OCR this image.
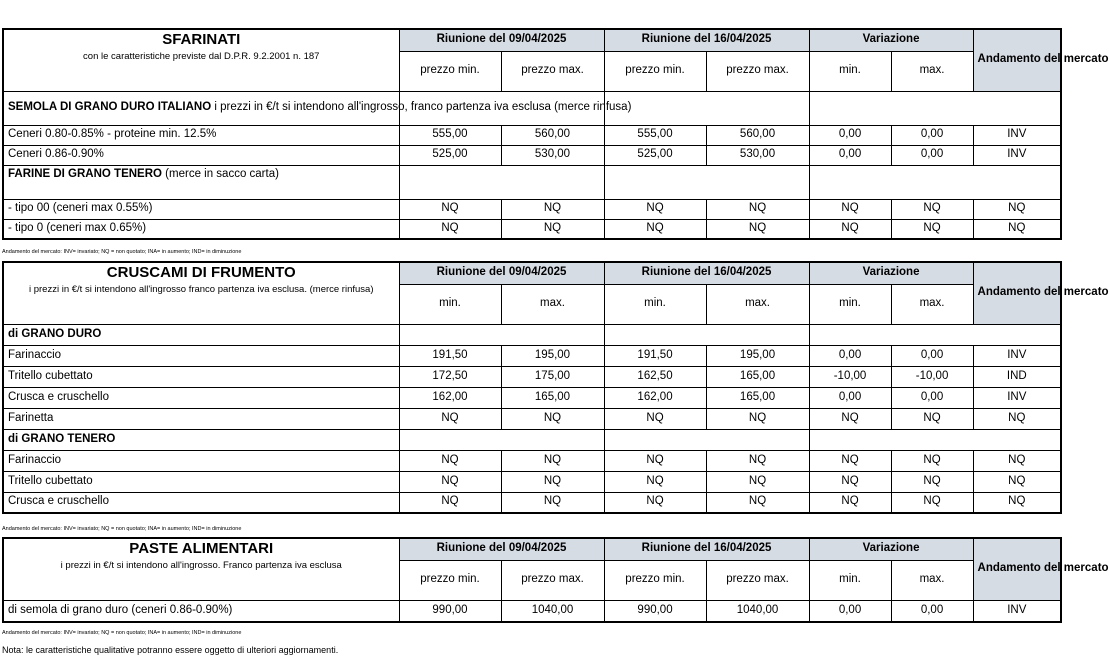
SFARINATI
con le caratteristiche previste dal D.P.R. 9.2.2001 n. 187	Riunione del 09/04/2025		Riunione del 16/04/2025		Variazione		Andamento del mercato
	prezzo min.	prezzo max.	prezzo min.	prezzo max.	min.	max.	
SEMOLA DI GRANO DURO ITALIANO i prezzi in €/t si intendono all'ingrosso, franco partenza iva esclusa (merce rinfusa)							
Ceneri 0.80-0.85% - proteine min. 12.5%	555,00	560,00	555,00	560,00	0,00	0,00	INV
Ceneri 0.86-0.90%	525,00	530,00	525,00	530,00	0,00	0,00	INV
FARINE DI GRANO TENERO (merce in sacco carta)							
- tipo 00 (ceneri max 0.55%)	NQ	NQ	NQ	NQ	NQ	NQ	NQ
- tipo 0 (ceneri max 0.65%)	NQ	NQ	NQ	NQ	NQ	NQ	NQ
Andamento del mercato: INV= invariato; NQ = non quotato; INA= in aumento; IND= in diminuzione
CRUSCAMI DI FRUMENTO
i prezzi in €/t si intendono all'ingrosso franco partenza iva esclusa. (merce rinfusa)	Riunione del 09/04/2025		Riunione del 16/04/2025		Variazione		Andamento del mercato
	min.	max.	min.	max.	min.	max.	
di GRANO DURO							
Farinaccio	191,50	195,00	191,50	195,00	0,00	0,00	INV
Tritello cubettato	172,50	175,00	162,50	165,00	-10,00	-10,00	IND
Crusca e cruschello	162,00	165,00	162,00	165,00	0,00	0,00	INV
Farinetta	NQ	NQ	NQ	NQ	NQ	NQ	NQ
di GRANO TENERO							
Farinaccio	NQ	NQ	NQ	NQ	NQ	NQ	NQ
Tritello cubettato	NQ	NQ	NQ	NQ	NQ	NQ	NQ
Crusca e cruschello	NQ	NQ	NQ	NQ	NQ	NQ	NQ
Andamento del mercato: INV= invariato; NQ = non quotato; INA= in aumento; IND= in diminuzione
PASTE ALIMENTARI
i prezzi in €/t si intendono all'ingrosso. Franco partenza iva esclusa	Riunione del 09/04/2025		Riunione del 16/04/2025		Variazione		Andamento del mercato
	prezzo min.	prezzo max.	prezzo min.	prezzo max.	min.	max.	
di semola di grano duro (ceneri 0.86-0.90%)	990,00	1040,00	990,00	1040,00	0,00	0,00	INV
Andamento del mercato: INV= invariato; NQ = non quotato; INA= in aumento; IND= in diminuzione
Nota: le caratteristiche qualitative potranno essere oggetto di ulteriori aggiornamenti.
